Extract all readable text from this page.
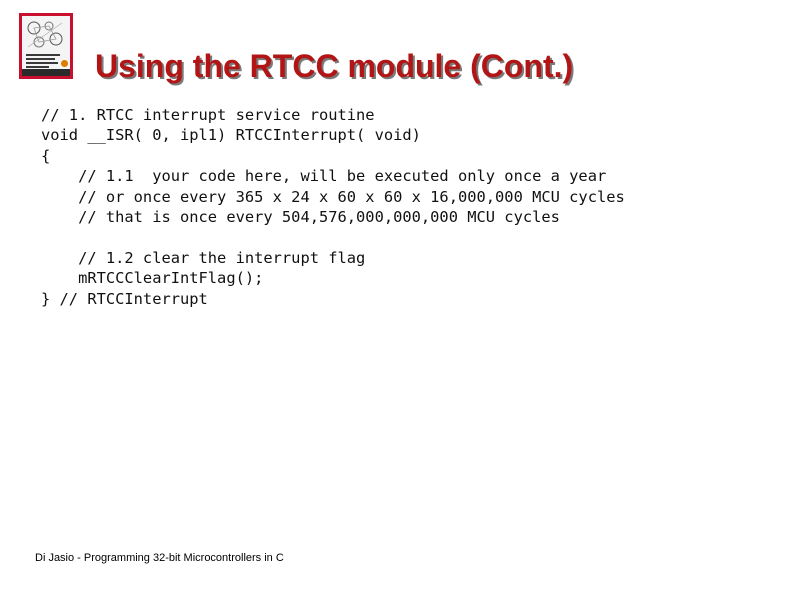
Using the RTCC module (Cont.)
// 1. RTCC interrupt service routine
void __ISR( 0, ipl1) RTCCInterrupt( void)
{
// 1.1  your code here, will be executed only once a year
// or once every 365 x 24 x 60 x 60 x 16,000,000 MCU cycles
// that is once every 504,576,000,000,000 MCU cycles
// 1.2 clear the interrupt flag
mRTCCClearIntFlag();
} // RTCCInterrupt
Di Jasio - Programming 32-bit Microcontrollers in C
